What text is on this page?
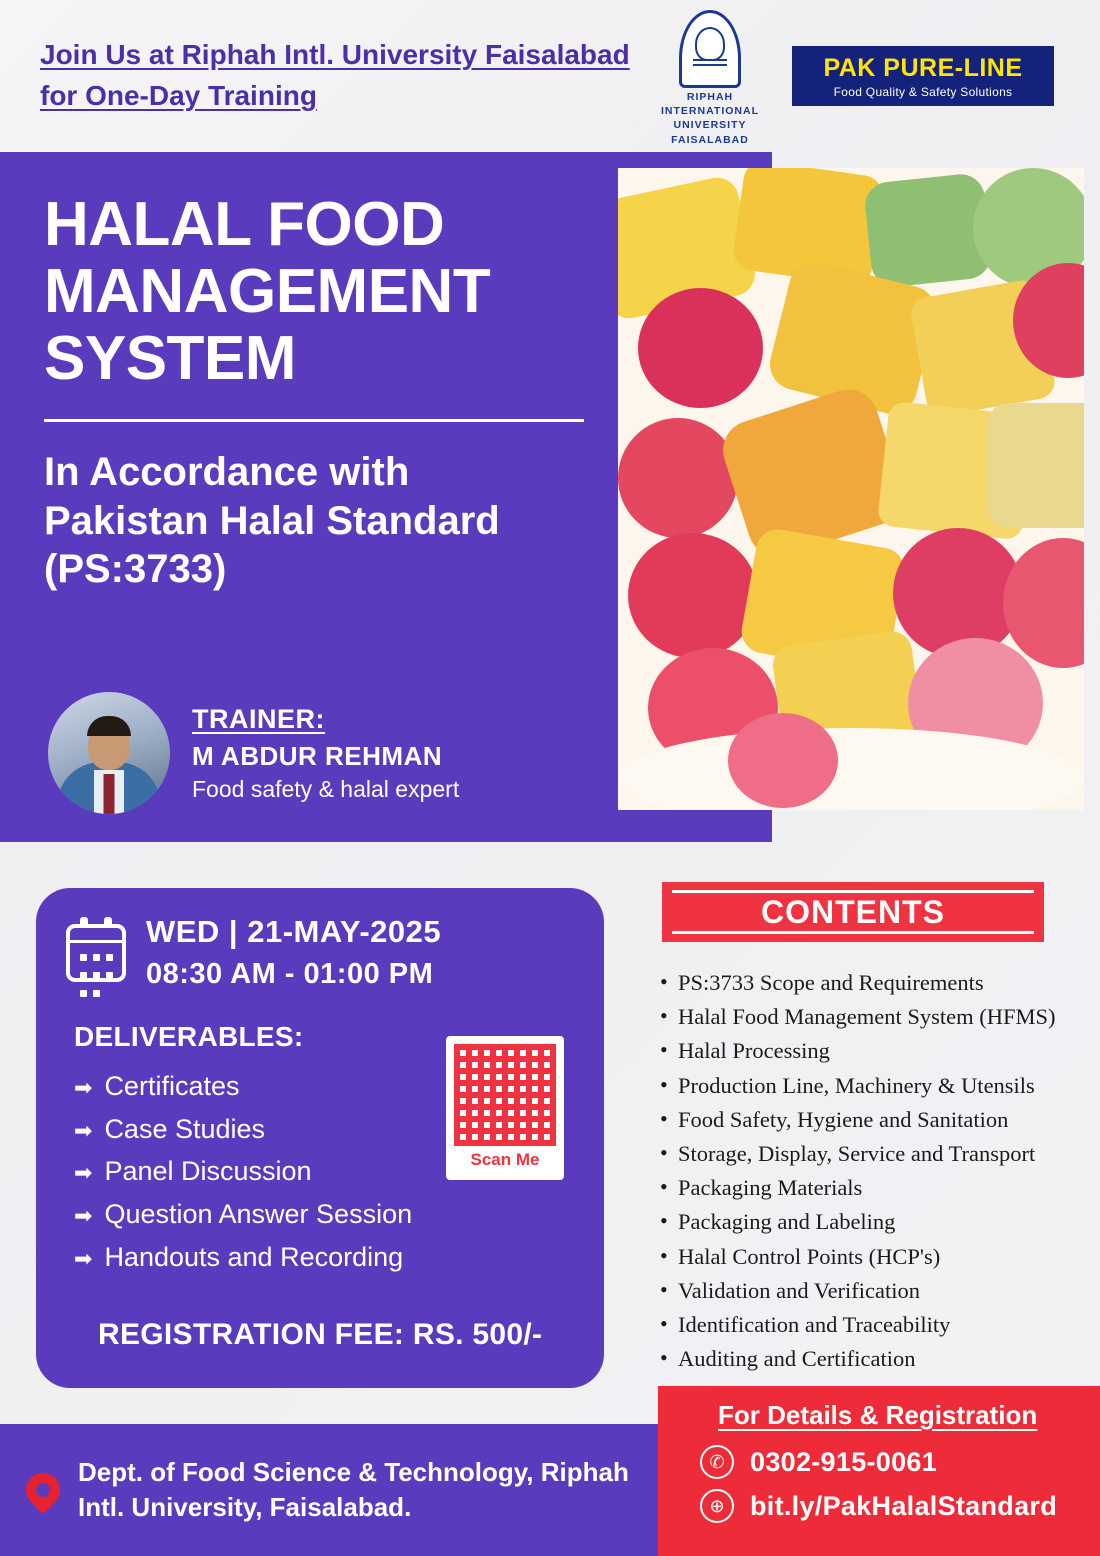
Join Us at Riphah Intl. University Faisalabad for One-Day Training	RIPHAH
INTERNATIONAL
UNIVERSITY
FAISALABAD
PAK PURE-LINE
Food Quality & Safety Solutions
HALAL FOOD MANAGEMENT SYSTEM
In Accordance with Pakistan Halal Standard (PS:3733)
TRAINER:
M ABDUR REHMAN
Food safety & halal expert
WED | 21-MAY-2025
08:30 AM - 01:00 PM
DELIVERABLES:
➡ Certificates
➡ Case Studies
➡ Panel Discussion
➡ Question Answer Session
➡ Handouts and Recording
Scan Me
REGISTRATION FEE: RS. 500/-
CONTENTS
• PS:3733 Scope and Requirements
• Halal Food Management System (HFMS)
• Halal Processing
• Production Line, Machinery & Utensils
• Food Safety, Hygiene and Sanitation
• Storage, Display, Service and Transport
• Packaging Materials
• Packaging and Labeling
• Halal Control Points (HCP's)
• Validation and Verification
• Identification and Traceability
• Auditing and Certification
Dept. of Food Science & Technology, Riphah Intl. University, Faisalabad.
For Details & Registration
✆ 0302-915-0061
⊕ bit.ly/PakHalalStandard
